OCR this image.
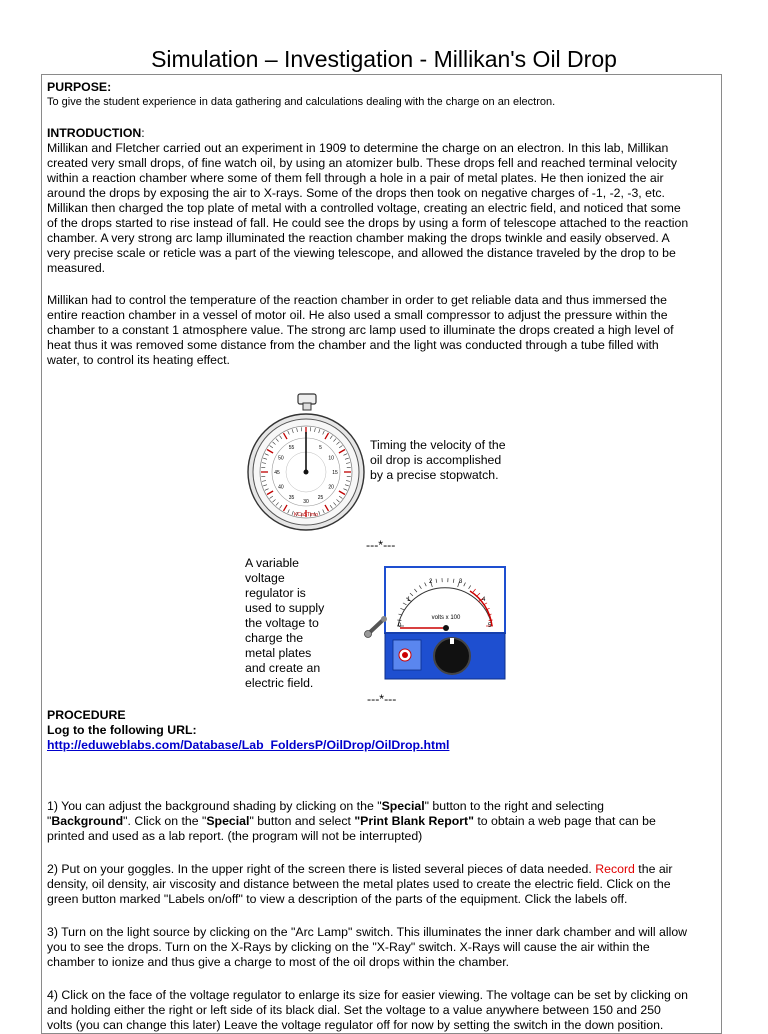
Simulation – Investigation - Millikan's Oil Drop

PURPOSE:

To give the student experience in data gathering and calculations dealing with the charge on an electron.

INTRODUCTION:

Millikan and Fletcher carried out an experiment in 1909 to determine the charge on an electron. In this lab, Millikan

created very small drops, of fine watch oil, by using an atomizer bulb. These drops fell and reached terminal velocity

within a reaction chamber where some of them fell through a hole in a pair of metal plates. He then ionized the air

around the drops by exposing the air to X-rays. Some of the drops then took on negative charges of -1, -2, -3, etc.

Millikan then charged the top plate of metal with a controlled voltage, creating an electric field, and noticed that some

of the drops started to rise instead of fall. He could see the drops by using a form of telescope attached to the reaction

chamber. A very strong arc lamp illuminated the reaction chamber making the drops twinkle and easily observed. A

very precise scale or reticle was a part of the viewing telescope, and allowed the distance traveled by the drop to be

measured.

Millikan had to control the temperature of the reaction chamber in order to get reliable data and thus immersed the

entire reaction chamber in a vessel of motor oil. He also used a small compressor to adjust the pressure within the

chamber to a constant 1 atmosphere value. The strong arc lamp used to illuminate the drops created a high level of

heat thus it was removed some distance from the chamber and the light was conducted through a tube filled with

water, to control its heating effect.

5
10
15
20
25
30
35
40
45
50
55
KCaSTimo
Timing the velocity of the
oil drop is accomplished
by a precise stopwatch.
---*---
A variable
voltage
regulator is
used to supply
the voltage to
charge the
metal plates
and create an
electric field.
0
1
2	3
4
5
volts x 100
---*---

PROCEDURE

Log to the following URL:

http://eduweblabs.com/Database/Lab_FoldersP/OilDrop/OilDrop.html

1) You can adjust the background shading by clicking on the "Special" button to the right and selecting

"Background". Click on the "Special" button and select "Print Blank Report" to obtain a web page that can be

printed and used as a lab report. (the program will not be interrupted)

2) Put on your goggles. In the upper right of the screen there is listed several pieces of data needed. Record the air

density, oil density, air viscosity and distance between the metal plates used to create the electric field. Click on the

green button marked "Labels on/off" to view a description of the parts of the equipment. Click the labels off.

3) Turn on the light source by clicking on the "Arc Lamp" switch. This illuminates the inner dark chamber and will allow

you to see the drops. Turn on the X-Rays by clicking on the "X-Ray" switch. X-Rays will cause the air within the

chamber to ionize and thus give a charge to most of the oil drops within the chamber.

4) Click on the face of the voltage regulator to enlarge its size for easier viewing. The voltage can be set by clicking on

and holding either the right or left side of its black dial. Set the voltage to a value anywhere between 150 and 250

volts (you can change this later) Leave the voltage regulator off for now by setting the switch in the down position.
